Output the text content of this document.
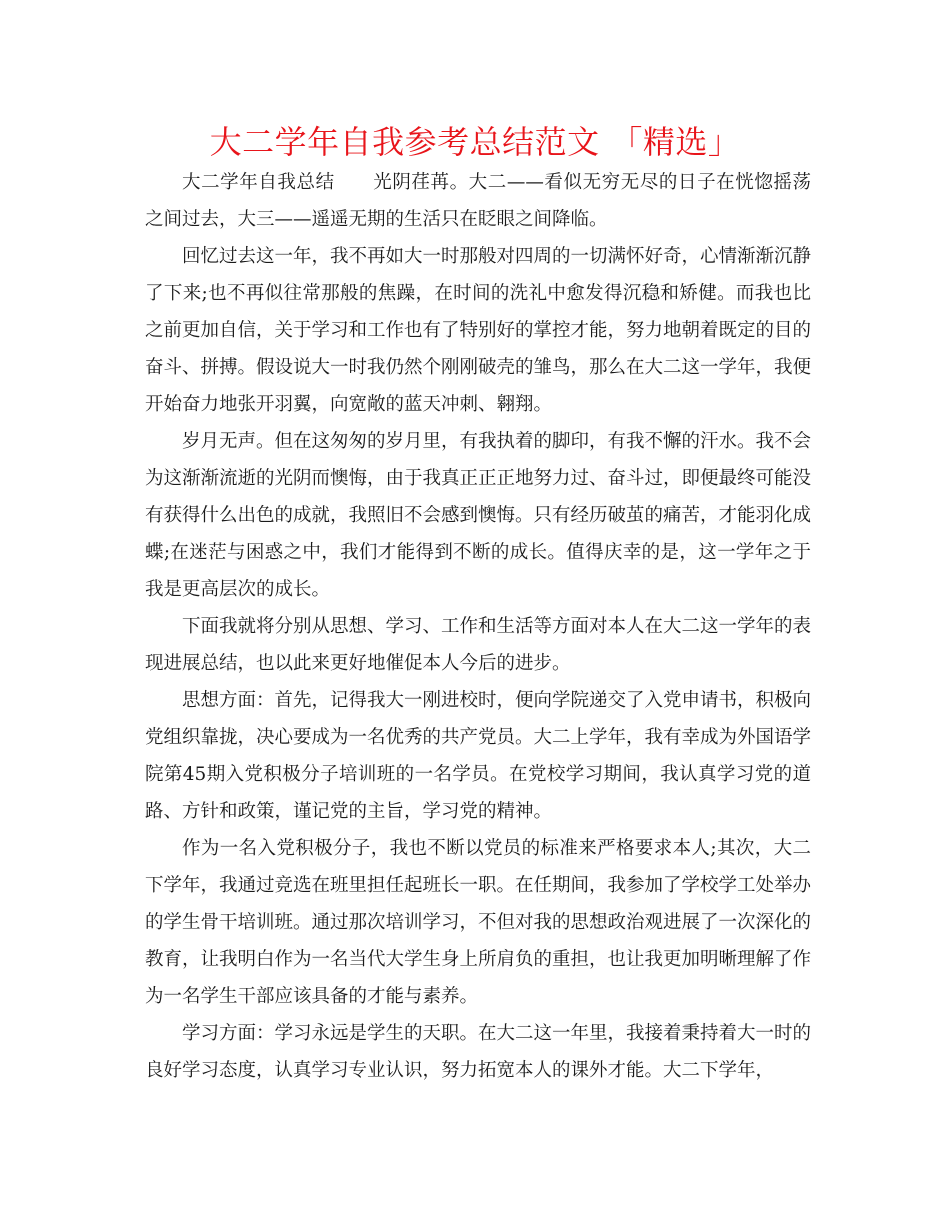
大二学年自我参考总结范文 「精选」

大二学年自我总结 光阴荏苒。大二——看似无穷无尽的日子在恍惚摇荡之间过去，大三——遥遥无期的生活只在眨眼之间降临。

回忆过去这一年，我不再如大一时那般对四周的一切满怀好奇，心情渐渐沉静了下来;也不再似往常那般的焦躁，在时间的洗礼中愈发得沉稳和矫健。而我也比之前更加自信，关于学习和工作也有了特别好的掌控才能，努力地朝着既定的目的奋斗、拼搏。假设说大一时我仍然个刚刚破壳的雏鸟，那么在大二这一学年，我便开始奋力地张开羽翼，向宽敞的蓝天冲刺、翱翔。

岁月无声。但在这匆匆的岁月里，有我执着的脚印，有我不懈的汗水。我不会为这渐渐流逝的光阴而懊悔，由于我真正正正地努力过、奋斗过，即便最终可能没有获得什么出色的成就，我照旧不会感到懊悔。只有经历破茧的痛苦，才能羽化成蝶;在迷茫与困惑之中，我们才能得到不断的成长。值得庆幸的是，这一学年之于我是更高层次的成长。

下面我就将分别从思想、学习、工作和生活等方面对本人在大二这一学年的表现进展总结，也以此来更好地催促本人今后的进步。

思想方面：首先，记得我大一刚进校时，便向学院递交了入党申请书，积极向党组织靠拢，决心要成为一名优秀的共产党员。大二上学年，我有幸成为外国语学院第45期入党积极分子培训班的一名学员。在党校学习期间，我认真学习党的道路、方针和政策，谨记党的主旨，学习党的精神。

作为一名入党积极分子，我也不断以党员的标准来严格要求本人;其次，大二下学年，我通过竞选在班里担任起班长一职。在任期间，我参加了学校学工处举办的学生骨干培训班。通过那次培训学习，不但对我的思想政治观进展了一次深化的教育，让我明白作为一名当代大学生身上所肩负的重担，也让我更加明晰理解了作为一名学生干部应该具备的才能与素养。

学习方面：学习永远是学生的天职。在大二这一年里，我接着秉持着大一时的良好学习态度，认真学习专业认识，努力拓宽本人的课外才能。大二下学年，
